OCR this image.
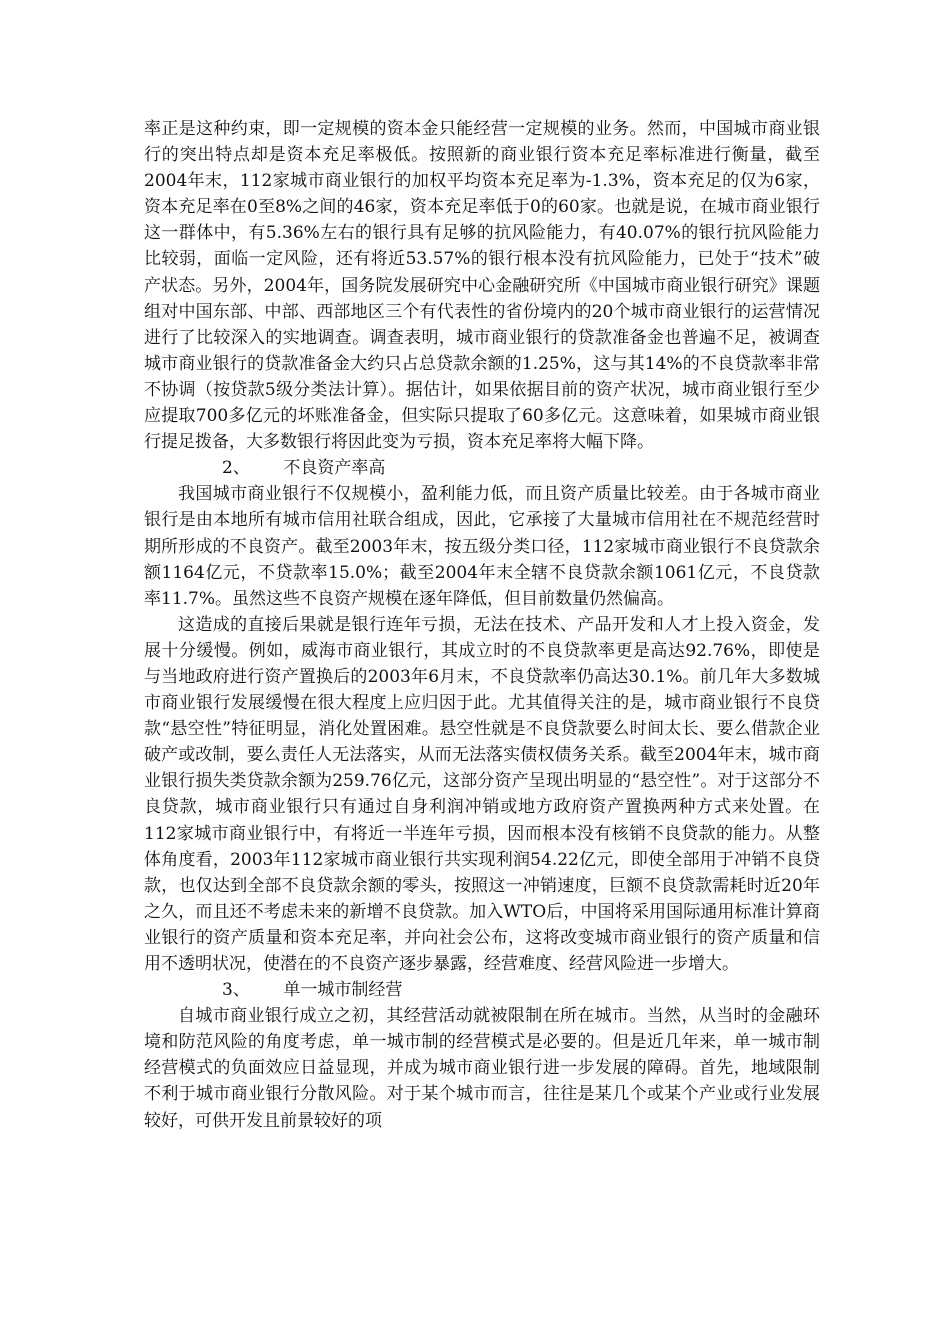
率正是这种约束，即一定规模的资本金只能经营一定规模的业务。然而，中国城市商业银行的突出特点却是资本充足率极低。按照新的商业银行资本充足率标准进行衡量，截至2004年末，112家城市商业银行的加权平均资本充足率为-1.3%，资本充足的仅为6家，资本充足率在0至8%之间的46家，资本充足率低于0的60家。也就是说，在城市商业银行这一群体中，有5.36%左右的银行具有足够的抗风险能力，有40.07%的银行抗风险能力比较弱，面临一定风险，还有将近53.57%的银行根本没有抗风险能力，已处于“技术”破产状态。另外，2004年，国务院发展研究中心金融研究所《中国城市商业银行研究》课题组对中国东部、中部、西部地区三个有代表性的省份境内的20个城市商业银行的运营情况进行了比较深入的实地调查。调查表明，城市商业银行的贷款准备金也普遍不足，被调查城市商业银行的贷款准备金大约只占总贷款余额的1.25%，这与其14%的不良贷款率非常不协调（按贷款5级分类法计算）。据估计，如果依据目前的资产状况，城市商业银行至少应提取700多亿元的坏账准备金，但实际只提取了60多亿元。这意味着，如果城市商业银行提足拨备，大多数银行将因此变为亏损，资本充足率将大幅下降。

2、 不良资产率高

我国城市商业银行不仅规模小，盈利能力低，而且资产质量比较差。由于各城市商业银行是由本地所有城市信用社联合组成，因此，它承接了大量城市信用社在不规范经营时期所形成的不良资产。截至2003年末，按五级分类口径，112家城市商业银行不良贷款余额1164亿元，不贷款率15.0%；截至2004年末全辖不良贷款余额1061亿元，不良贷款率11.7%。虽然这些不良资产规模在逐年降低，但目前数量仍然偏高。

这造成的直接后果就是银行连年亏损，无法在技术、产品开发和人才上投入资金，发展十分缓慢。例如，威海市商业银行，其成立时的不良贷款率更是高达92.76%，即使是与当地政府进行资产置换后的2003年6月末，不良贷款率仍高达30.1%。前几年大多数城市商业银行发展缓慢在很大程度上应归因于此。尤其值得关注的是，城市商业银行不良贷款“悬空性”特征明显，消化处置困难。悬空性就是不良贷款要么时间太长、要么借款企业破产或改制，要么责任人无法落实，从而无法落实债权债务关系。截至2004年末，城市商业银行损失类贷款余额为259.76亿元，这部分资产呈现出明显的“悬空性”。对于这部分不良贷款，城市商业银行只有通过自身利润冲销或地方政府资产置换两种方式来处置。在112家城市商业银行中，有将近一半连年亏损，因而根本没有核销不良贷款的能力。从整体角度看，2003年112家城市商业银行共实现利润54.22亿元，即使全部用于冲销不良贷款，也仅达到全部不良贷款余额的零头，按照这一冲销速度，巨额不良贷款需耗时近20年之久，而且还不考虑未来的新增不良贷款。加入WTO后，中国将采用国际通用标准计算商业银行的资产质量和资本充足率，并向社会公布，这将改变城市商业银行的资产质量和信用不透明状况，使潜在的不良资产逐步暴露，经营难度、经营风险进一步增大。

3、 单一城市制经营

自城市商业银行成立之初，其经营活动就被限制在所在城市。当然，从当时的金融环境和防范风险的角度考虑，单一城市制的经营模式是必要的。但是近几年来，单一城市制经营模式的负面效应日益显现，并成为城市商业银行进一步发展的障碍。首先，地域限制不利于城市商业银行分散风险。对于某个城市而言，往往是某几个或某个产业或行业发展较好，可供开发且前景较好的项
